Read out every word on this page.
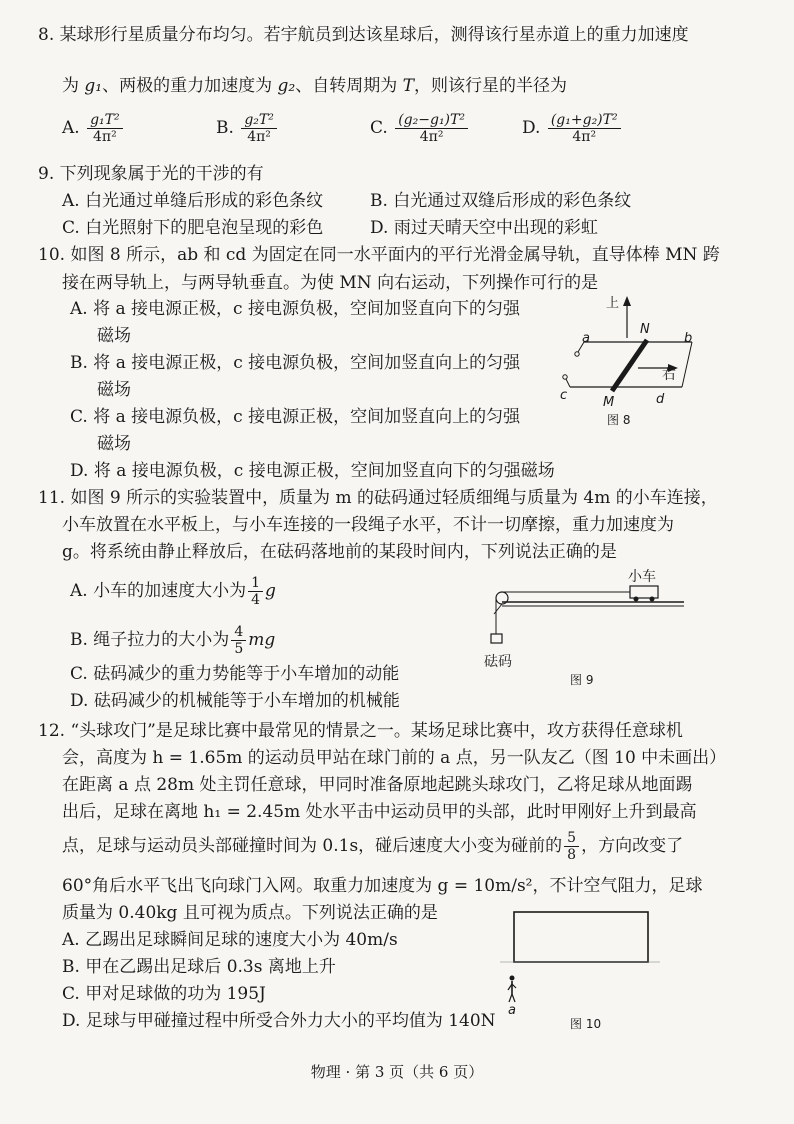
8. 某球形行星质量分布均匀。若宇航员到达该星球后，测得该行星赤道上的重力加速度
为 g₁、两极的重力加速度为 g₂、自转周期为 T，则该行星的半径为
A. $\frac{\text{g₁T²}}{\text{4π²}}$	B. $\frac{\text{g₂T²}}{\text{4π²}}$	C. $\frac{\text{(g₂−g₁)T²}}{\text{4π²}}$	D. $\frac{\text{(g₁+g₂)T²}}{\text{4π²}}$
9. 下列现象属于光的干涉的有
A. 白光通过单缝后形成的彩色条纹	B. 白光通过双缝后形成的彩色条纹
C. 白光照射下的肥皂泡呈现的彩色	D. 雨过天晴天空中出现的彩虹
10. 如图 8 所示，ab 和 cd 为固定在同一水平面内的平行光滑金属导轨，直导体棒 MN 跨
接在两导轨上，与两导轨垂直。为使 MN 向右运动，下列操作可行的是
A. 将 a 接电源正极，c 接电源负极，空间加竖直向下的匀强
磁场
B. 将 a 接电源正极，c 接电源负极，空间加竖直向上的匀强
磁场
C. 将 a 接电源负极，c 接电源正极，空间加竖直向上的匀强
磁场
D. 将 a 接电源负极，c 接电源正极，空间加竖直向下的匀强磁场
上
a	b
N
右
c	M	d
图 8
11. 如图 9 所示的实验装置中，质量为 m 的砝码通过轻质细绳与质量为 4m 的小车连接，
小车放置在水平板上，与小车连接的一段绳子水平，不计一切摩擦，重力加速度为
g。将系统由静止释放后，在砝码落地前的某段时间内，下列说法正确的是
A. 小车的加速度大小为 $\frac{1}{4}$ g
B. 绳子拉力的大小为 $\frac{4}{5}$ mg
C. 砝码减少的重力势能等于小车增加的动能
D. 砝码减少的机械能等于小车增加的机械能
小车
砝码
图 9
12. “头球攻门”是足球比赛中最常见的情景之一。某场足球比赛中，攻方获得任意球机
会，高度为 h = 1.65m 的运动员甲站在球门前的 a 点，另一队友乙（图 10 中未画出）
在距离 a 点 28m 处主罚任意球，甲同时准备原地起跳头球攻门，乙将足球从地面踢
出后，足球在离地 h₁ = 2.45m 处水平击中运动员甲的头部，此时甲刚好上升到最高
点，足球与运动员头部碰撞时间为 0.1s，碰后速度大小变为碰前的 $\frac{5}{8}$ ，方向改变了
60°角后水平飞出飞向球门入网。取重力加速度为 g = 10m/s²，不计空气阻力，足球
质量为 0.40kg 且可视为质点。下列说法正确的是
A. 乙踢出足球瞬间足球的速度大小为 40m/s
B. 甲在乙踢出足球后 0.3s 离地上升
C. 甲对足球做的功为 195J
D. 足球与甲碰撞过程中所受合外力大小的平均值为 140N
a
图 10
物理 · 第 3 页（共 6 页）
